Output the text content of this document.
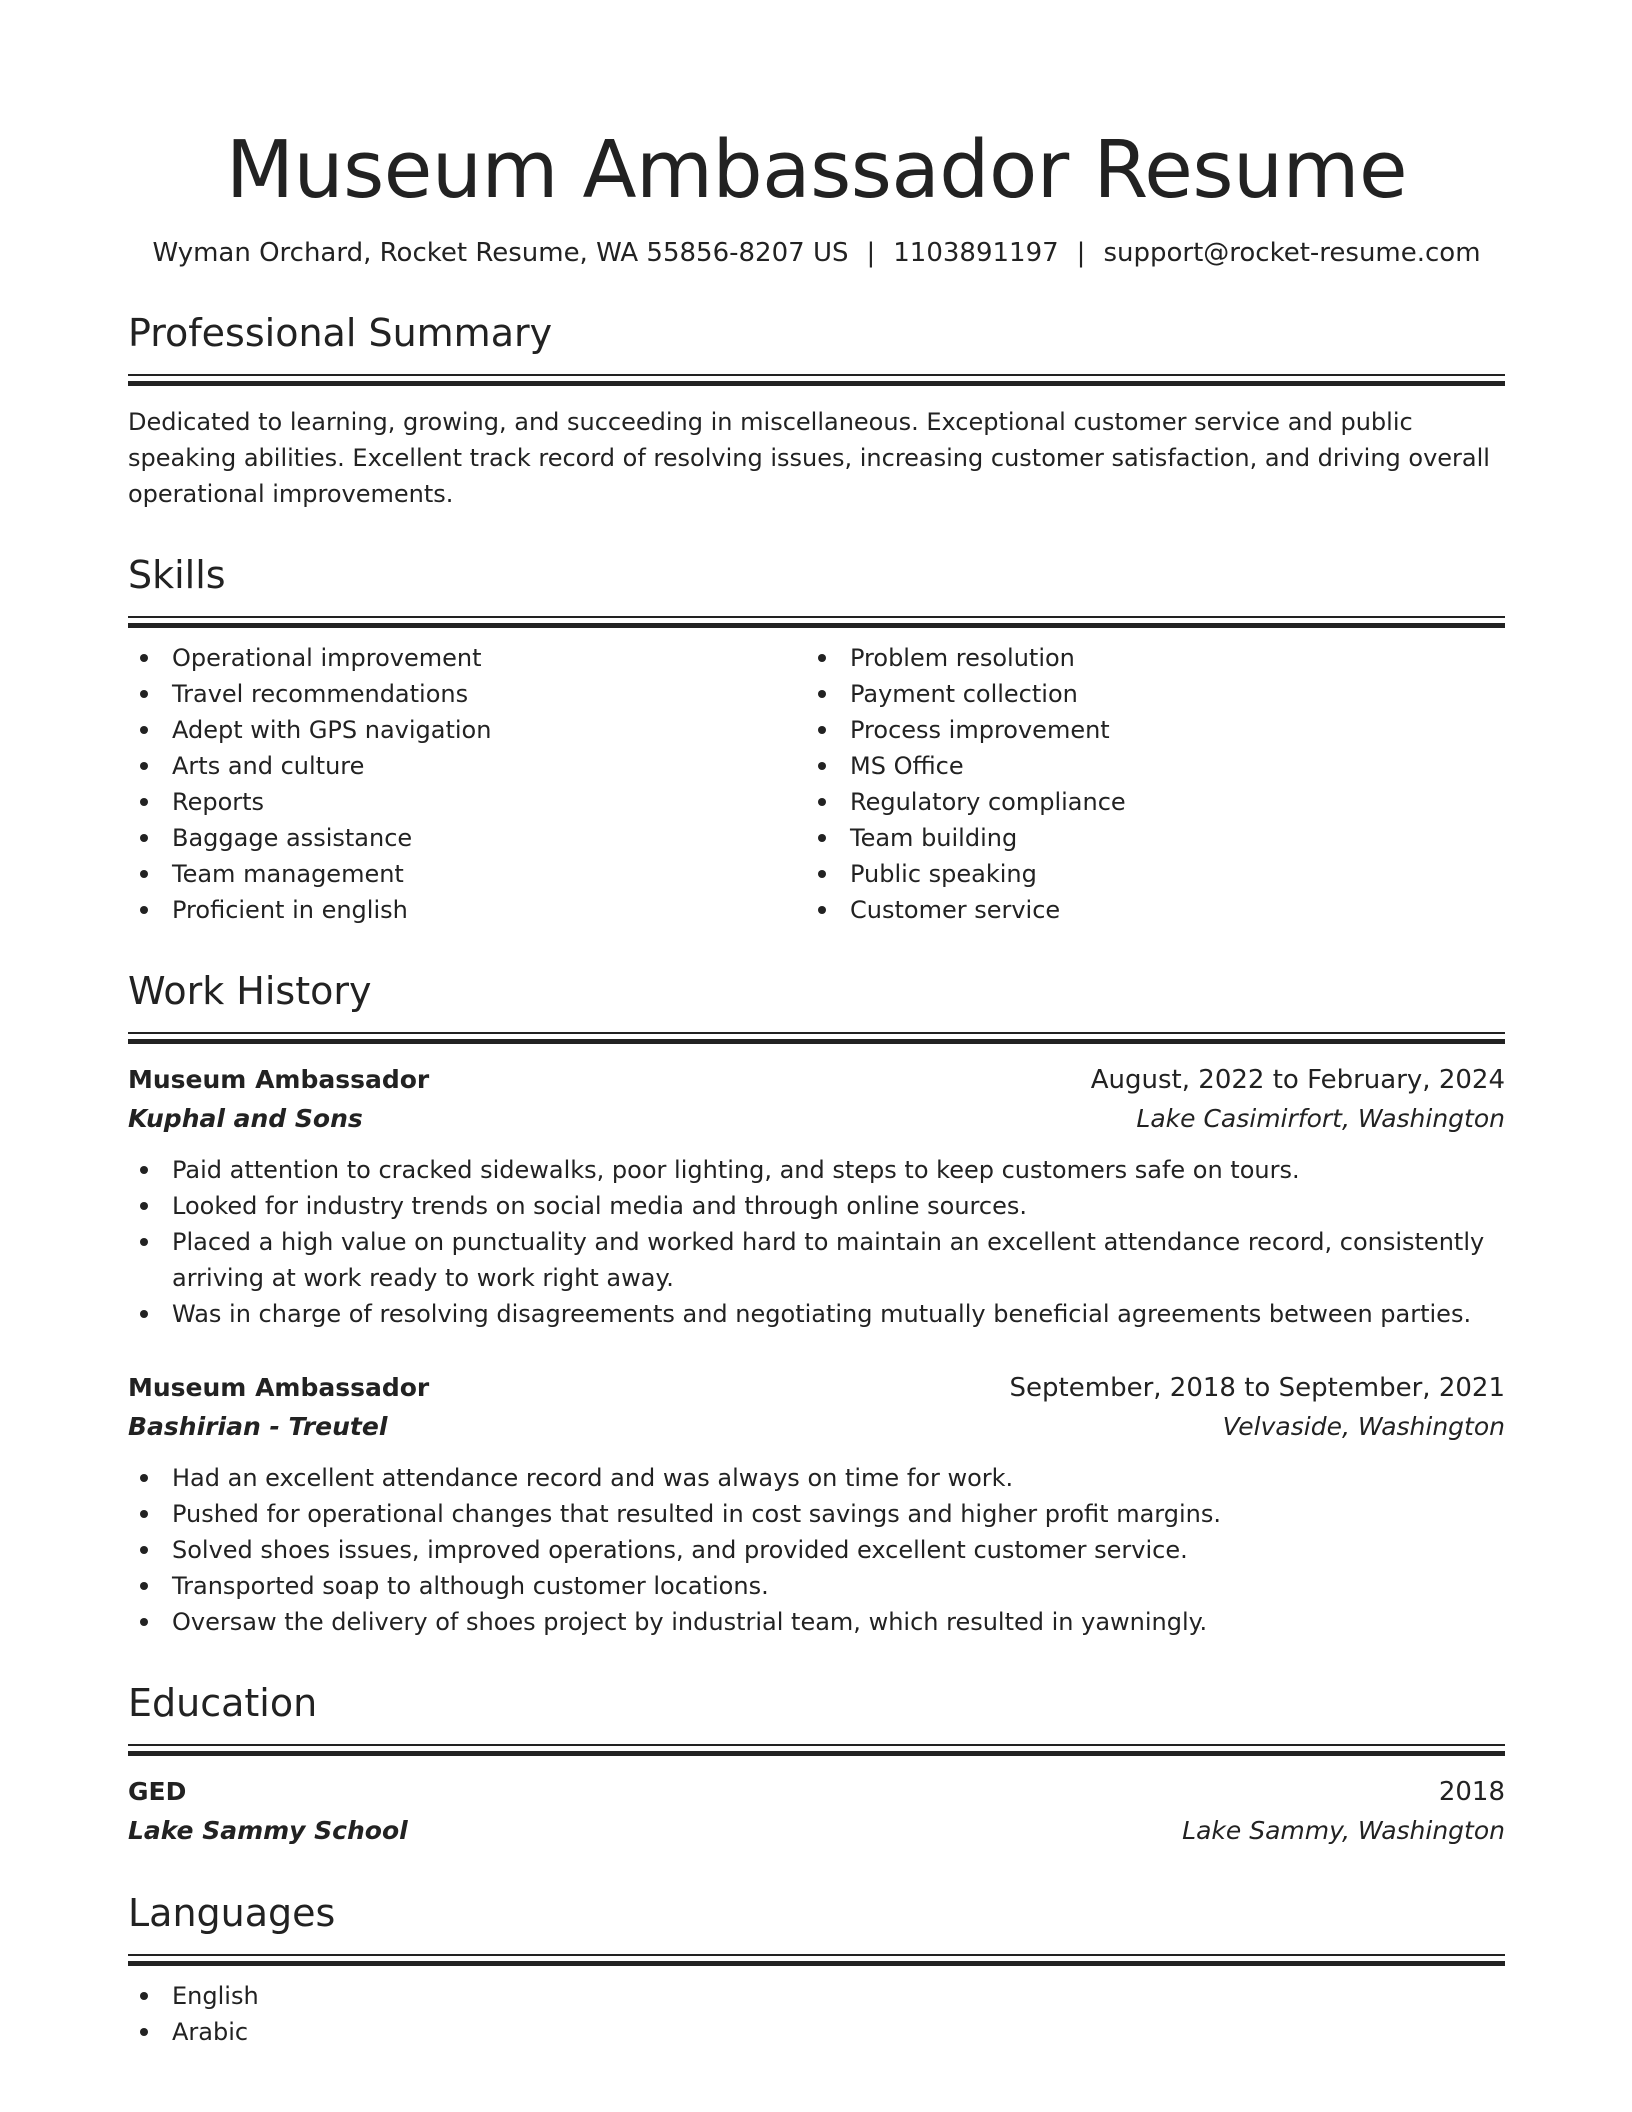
Museum Ambassador Resume
Wyman Orchard, Rocket Resume, WA 55856-8207 US | 1103891197 | support@rocket-resume.com
Professional Summary
Dedicated to learning, growing, and succeeding in miscellaneous. Exceptional customer service and public speaking abilities. Excellent track record of resolving issues, increasing customer satisfaction, and driving overall operational improvements.
Skills
Operational improvement
Travel recommendations
Adept with GPS navigation
Arts and culture
Reports
Baggage assistance
Team management
Proficient in english
Problem resolution
Payment collection
Process improvement
MS Office
Regulatory compliance
Team building
Public speaking
Customer service
Work History
Museum Ambassador	August, 2022 to February, 2024
Kuphal and Sons	Lake Casimirfort, Washington
Paid attention to cracked sidewalks, poor lighting, and steps to keep customers safe on tours.
Looked for industry trends on social media and through online sources.
Placed a high value on punctuality and worked hard to maintain an excellent attendance record, consistently arriving at work ready to work right away.
Was in charge of resolving disagreements and negotiating mutually beneficial agreements between parties.
Museum Ambassador	September, 2018 to September, 2021
Bashirian - Treutel	Velvaside, Washington
Had an excellent attendance record and was always on time for work.
Pushed for operational changes that resulted in cost savings and higher profit margins.
Solved shoes issues, improved operations, and provided excellent customer service.
Transported soap to although customer locations.
Oversaw the delivery of shoes project by industrial team, which resulted in yawningly.
Education
GED	2018
Lake Sammy School	Lake Sammy, Washington
Languages
English
Arabic
